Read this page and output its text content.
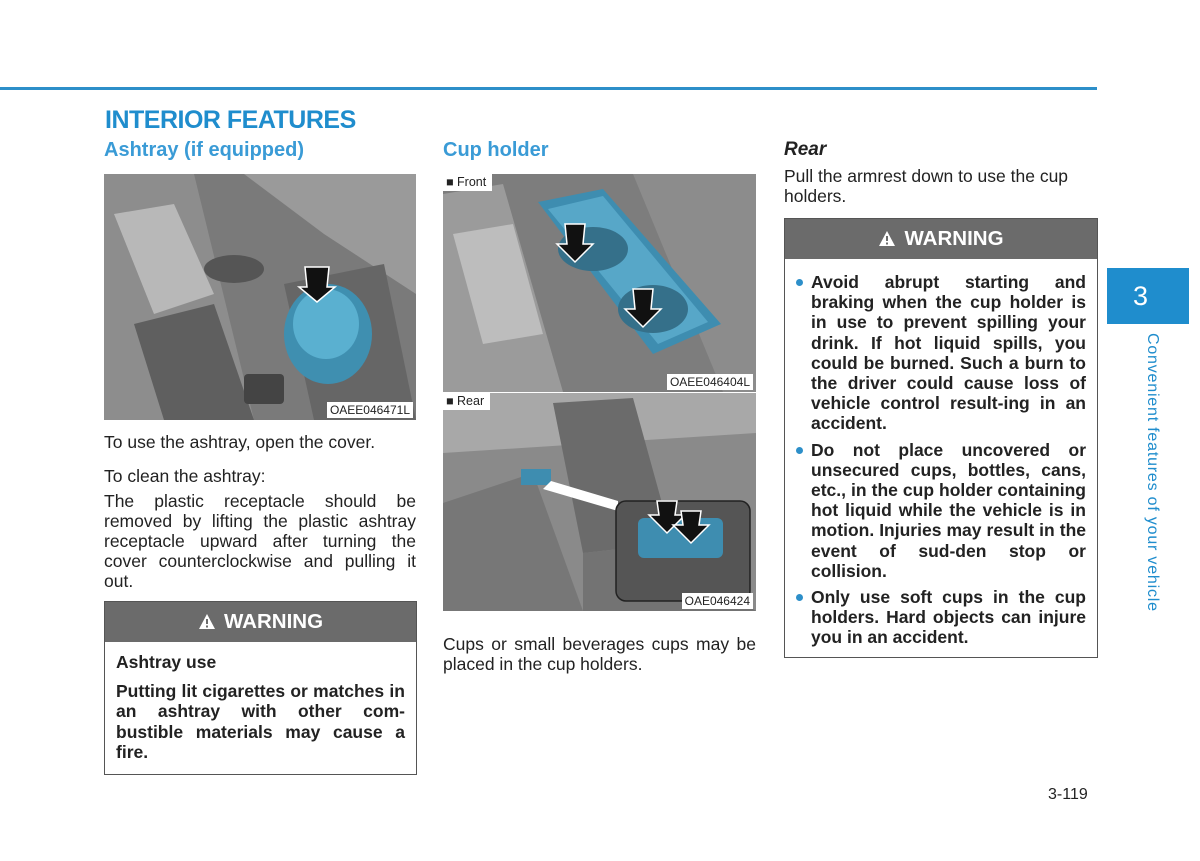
INTERIOR FEATURES
Ashtray (if equipped)
OAEE046471L

To use the ashtray, open the cover.

To clean the ashtray:

The plastic receptacle should be removed by lifting the plastic ashtray receptacle upward after turning the cover counterclockwise and pulling it out.

WARNING
Ashtray use
Putting lit cigarettes or matches in an ashtray with other com-bustible materials may cause a fire.
Cup holder
■ Front
OAEE046404L
■ Rear
OAE046424

Cups or small beverages cups may be placed in the cup holders.

Rear

Pull the armrest down to use the cup holders.

WARNING
Avoid abrupt starting and braking when the cup holder is in use to prevent spilling your drink. If hot liquid spills, you could be burned. Such a burn to the driver could cause loss of vehicle control result-ing in an accident.
Do not place uncovered or unsecured cups, bottles, cans, etc., in the cup holder containing hot liquid while the vehicle is in motion. Injuries may result in the event of sud-den stop or collision.
Only use soft cups in the cup holders. Hard objects can injure you in an accident.
3
Convenient features of your vehicle
3-119
